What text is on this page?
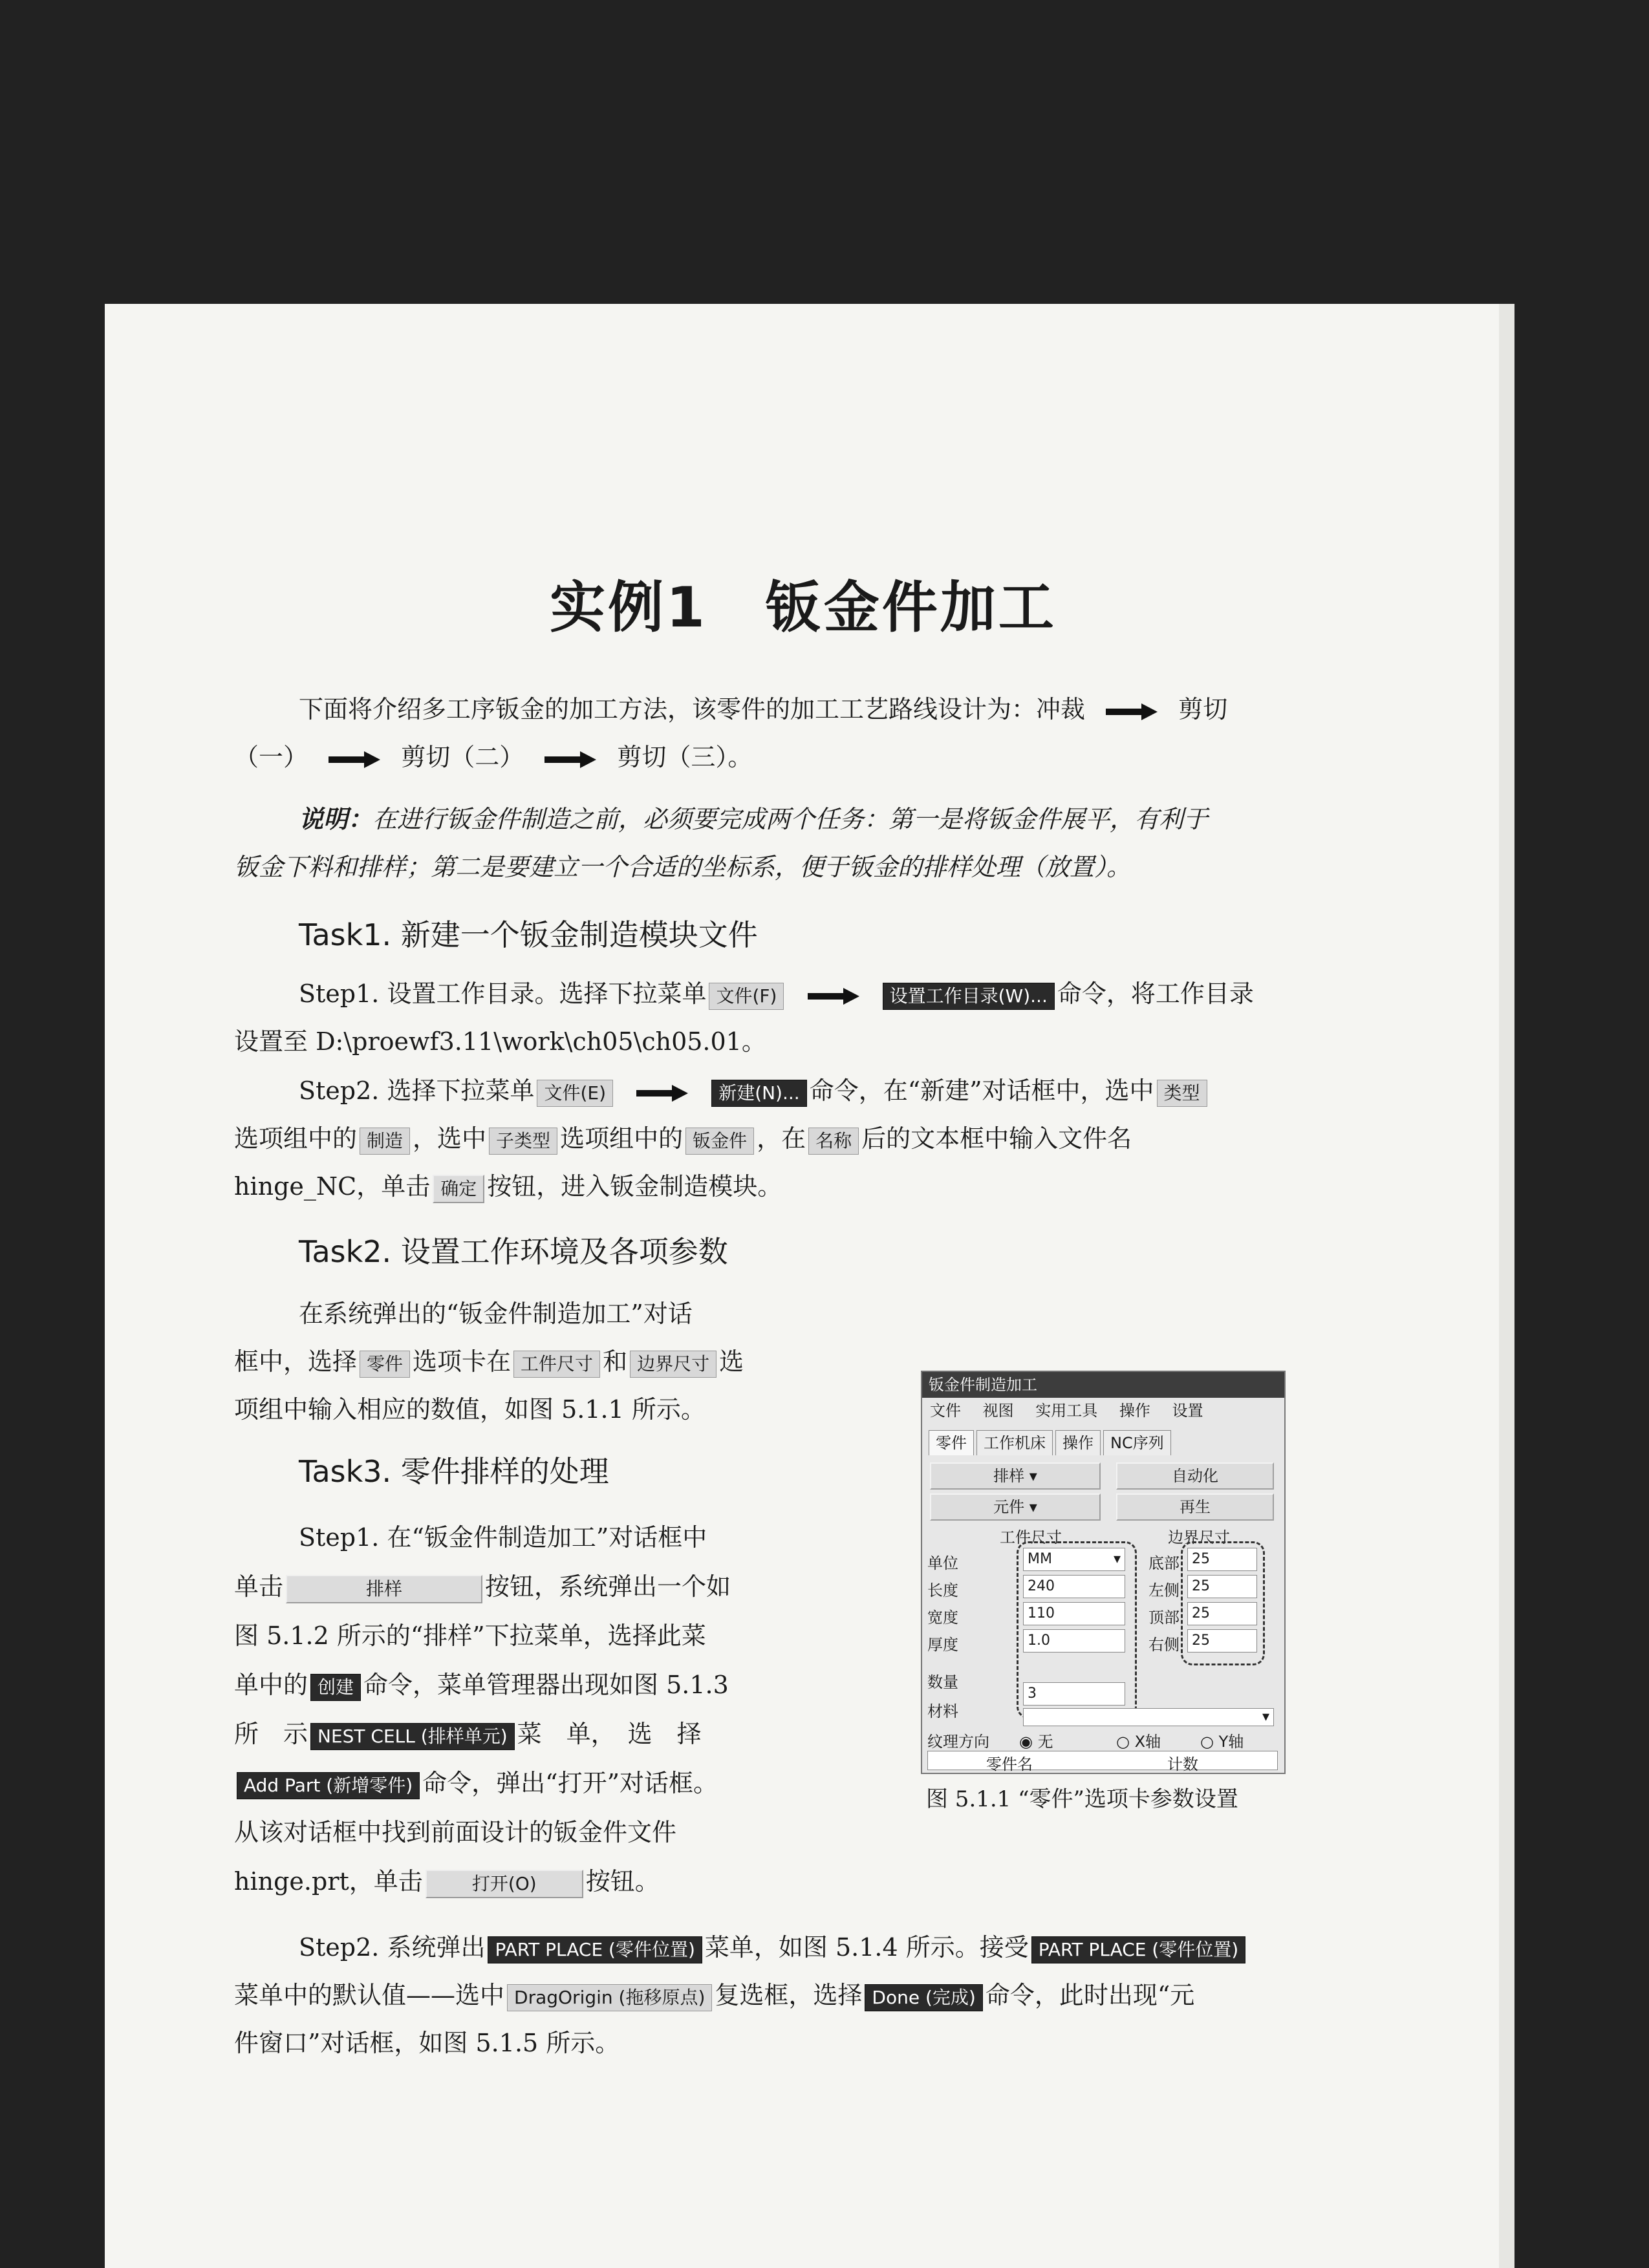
实例1　钣金件加工
下面将介绍多工序钣金的加工方法，该零件的加工工艺路线设计为：冲裁	剪切
（一）	剪切（二）	剪切（三）。
说明：在进行钣金件制造之前，必须要完成两个任务：第一是将钣金件展平，有利于
钣金下料和排样；第二是要建立一个合适的坐标系，便于钣金的排样处理（放置）。
Task1. 新建一个钣金制造模块文件
Step1. 设置工作目录。选择下拉菜单 文件(F)	设置工作目录(W)... 命令，将工作目录
设置至 D:\proewf3.11\work\ch05\ch05.01。
Step2. 选择下拉菜单 文件(E)	新建(N)... 命令，在“新建”对话框中，选中 类型
选项组中的 制造 ，选中 子类型 选项组中的 钣金件 ，在 名称 后的文本框中输入文件名
hinge_NC，单击 确定 按钮，进入钣金制造模块。
Task2. 设置工作环境及各项参数
在系统弹出的“钣金件制造加工”对话
框中，选择 零件 选项卡在 工件尺寸 和 边界尺寸 选
项组中输入相应的数值，如图 5.1.1 所示。
Task3. 零件排样的处理
Step1. 在“钣金件制造加工”对话框中
单击	排样	按钮，系统弹出一个如
图 5.1.2 所示的“排样”下拉菜单，选择此菜
单中的 创建 命令，菜单管理器出现如图 5.1.3
所　示 NEST CELL (排样单元) 菜　单，　选　择
Add Part (新增零件) 命令，弹出“打开”对话框。
从该对话框中找到前面设计的钣金件文件
hinge.prt，单击	打开(O) 按钮。
Step2. 系统弹出 PART PLACE (零件位置) 菜单，如图 5.1.4 所示。接受 PART PLACE (零件位置)
菜单中的默认值——选中 DragOrigin (拖移原点) 复选框，选择 Done (完成) 命令，此时出现“元
件窗口”对话框，如图 5.1.5 所示。
钣金件制造加工
文件 视图 实用工具 操作 设置
零件 工作机床 操作 NC序列
排样 ▾	自动化
元件 ▾	再生
工件尺寸	边界尺寸
单位	MM	▾
长度	240
宽度	110
厚度	1.0
底部 25
左侧 25
顶部 25
右侧 25
数量
3
材料	▾
纹理方向 ◉ 无	○ X轴	○ Y轴
零件名	计数
图 5.1.1 “零件”选项卡参数设置
